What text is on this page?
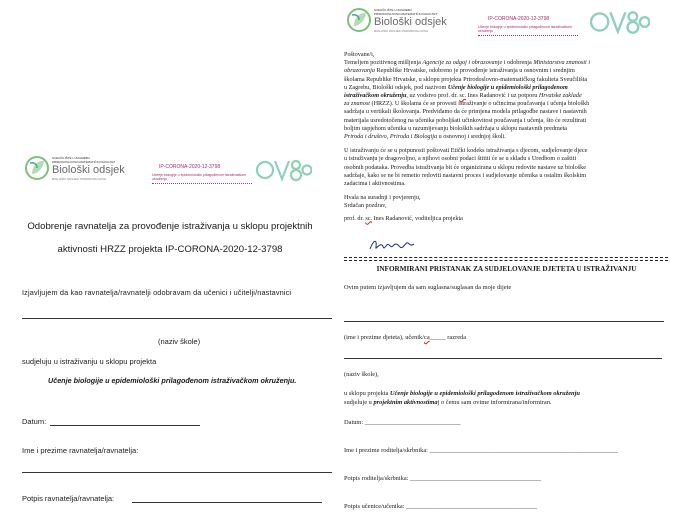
SVEUČILIŠTE U ZAGREBU
PRIRODOSLOVNO-MATEMATIČKI FAKULTET
Biološki odsjek
BIOLOŠKI ODSJEK PRIRODOSLOVNO
IP-CORONA-2020-12-3798
Učenje biologije u epidemiološki prilagođenom istraživačkom okruženju
Odobrenje ravnatelja za provođenje istraživanja u sklopu projektnih
aktivnosti HRZZ projekta IP-CORONA-2020-12-3798
Izjavljujem da kao ravnatelja/ravnatelji odobravam da učenici i učitelji/nastavnici
(naziv škole)
sudjeluju u istraživanju u sklopu projekta
Učenje biologije u epidemiološki prilagođenom istraživačkom okruženju.
Datum:
Ime i prezime ravnatelja/ravnatelja:
Potpis ravnatelja/ravnatelja:
SVEUČILIŠTE U ZAGREBU
PRIRODOSLOVNO-MATEMATIČKI FAKULTET
Biološki odsjek
BIOLOŠKI ODSJEK PRIRODOSLOVNO
IP-CORONA-2020-12-3798
Učenje biologije u epidemiološki prilagođenom istraživačkom okruženju
Poštovane/i,
Temeljem pozitivnog mišljenja Agencije za odgoj i obrazovanje i odobrenja Ministarstva znanosti i
obrazovanja Republike Hrvatske, odobreno je provođenje istraživanja u osnovnim i srednjim
školama Republike Hrvatske, u sklopu projekta Prirodoslovno-matematičkog fakulteta Sveučilišta
u Zagrebu, Biološki odsjek, pod nazivom Učenje biologije u epidemiološki prilagođenom
istraživačkom okruženju, uz vodstvo prof. dr. sc. Ines Radanović i uz potporu Hrvatske zaklade
za znanost (HRZZ). U školama će se provesti istraživanje o učincima poučavanja i učenja biološkh
sadržaja u vertikali školovanja. Predviđamo da će primjena modela prilagođbe nastave i nastavnih
materijala usredotočenog na učenika poboljšati učinkovitost poučavanja i učenja, što će rezultirati
boljim uspjehom učenika u razumijevanju bioloških sadržaja u sklopu nastavnih predmeta
Priroda i društvo, Priroda i Biologija u osnovnoj i srednjoj školi.
U istraživanju će se u potpunosti poštovati Etički kodeks istraživanja s djecom, sudjelovanje djece
u istraživanju je dragovoljno, a njihovi osobni podaci štititi će se u skladu s Uredbom o zaštiti
osobnih podataka. Provedba istraživanja bit će organizirana u sklopu redovite nastave uz biološke
sadržaje, kako se ne bi remetio redoviti nastavni proces i sudjelovanje učenika u ostalim školskim
zadacima i aktivnostima.
Hvala na suradnji i povjerenju,
Srdačan pozdrav,
prof. dr. sc. Ines Radanović, voditeljica projekta
INFORMIRANI PRISTANAK ZA SUDJELOVANJE DJETETA U ISTRAŽIVANJU
Ovim putem izjavljujem da sam suglasna/suglasan da moje dijete
(ime i prezime djeteta), učenik/ca_____ razreda
(naziv škole),
u sklopu projekta Učenje biologije u epidemiološki prilagođenom istraživačkom okruženju
sudjeluje u projektnim aktivnostimaj o čemu sam ovime informirana/informiran.
Datum: ______________________________
Ime i prezime roditelja/skrbnika: ___________________________________________________________
Potpis roditelja/skrbnika: _________________________________________
Potpis učenice/učenika: _________________________________________
